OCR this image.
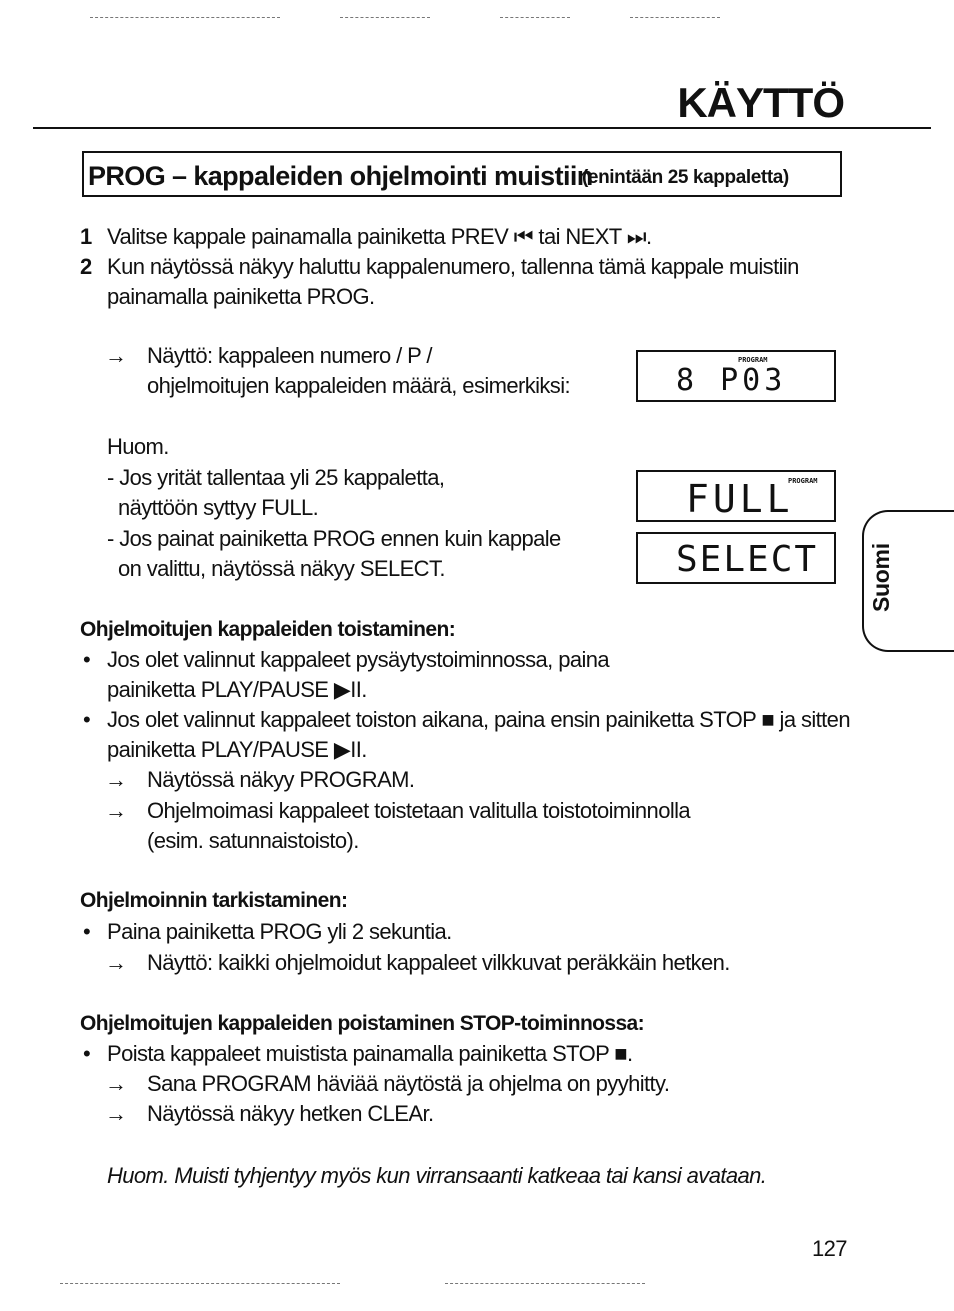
KÄYTTÖ
PROG – kappaleiden ohjelmointi muistiin
(enintään 25 kappaletta)
1 Valitse kappale painamalla painiketta PREV ⏮ tai NEXT ⏭.
2 Kun näytössä näkyy haluttu kappalenumero, tallenna tämä kappale muistiin
painamalla painiketta PROG.
→ Näyttö: kappaleen numero / P /
ohjelmoitujen kappaleiden määrä, esimerkiksi:
PROGRAM
8 P03
Huom.
- Jos yrität tallentaa yli 25 kappaletta,
näyttöön syttyy FULL.
- Jos painat painiketta PROG ennen kuin kappale
on valittu, näytössä näkyy SELECT.
PROGRAM
FULL
SELECT Suomi
Ohjelmoitujen kappaleiden toistaminen:
• Jos olet valinnut kappaleet pysäytystoiminnossa, paina
painiketta PLAY/PAUSE ▶II.
• Jos olet valinnut kappaleet toiston aikana, paina ensin painiketta STOP ■ ja sitten
painiketta PLAY/PAUSE ▶II.
→ Näytössä näkyy PROGRAM.
→ Ohjelmoimasi kappaleet toistetaan valitulla toistotoiminnolla
(esim. satunnaistoisto).
Ohjelmoinnin tarkistaminen:
• Paina painiketta PROG yli 2 sekuntia.
→ Näyttö: kaikki ohjelmoidut kappaleet vilkkuvat peräkkäin hetken.
Ohjelmoitujen kappaleiden poistaminen STOP-toiminnossa:
• Poista kappaleet muistista painamalla painiketta STOP ■.
→ Sana PROGRAM häviää näytöstä ja ohjelma on pyyhitty.
→ Näytössä näkyy hetken CLEAr.
Huom. Muisti tyhjentyy myös kun virransaanti katkeaa tai kansi avataan.
127
